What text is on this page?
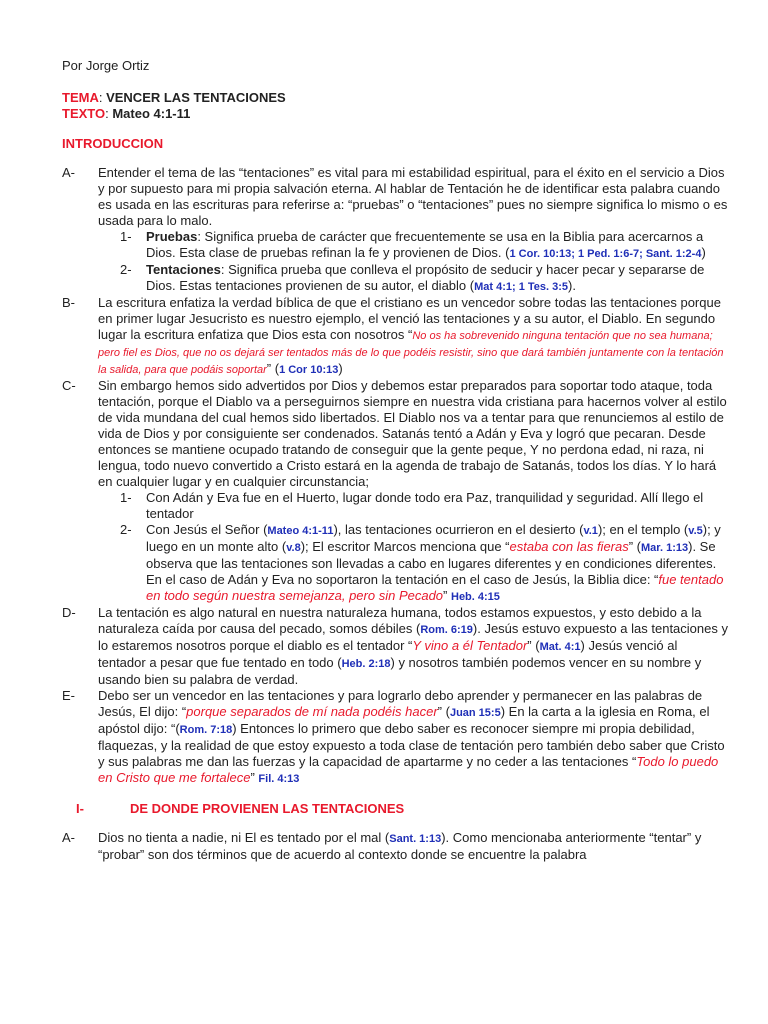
Por Jorge Ortiz
TEMA: VENCER LAS TENTACIONES
TEXTO: Mateo 4:1-11
INTRODUCCION
A-	Entender el tema de las “tentaciones” es vital para mi estabilidad espiritual, para el éxito en el servicio a Dios y por supuesto para mi propia salvación eterna. Al hablar de Tentación he de identificar esta palabra cuando es usada en las escrituras para referirse a: “pruebas” o “tentaciones” pues no siempre significa lo mismo o es usada para lo malo.
1-	Pruebas: Significa prueba de carácter que frecuentemente se usa en la Biblia para acercarnos a Dios. Esta clase de pruebas refinan la fe y provienen de Dios. (1 Cor. 10:13; 1 Ped. 1:6-7; Sant. 1:2-4)
2-	Tentaciones: Significa prueba que conlleva el propósito de seducir y hacer pecar y separarse de Dios. Estas tentaciones provienen de su autor, el diablo (Mat 4:1; 1 Tes. 3:5).
B-	La escritura enfatiza la verdad bíblica de que el cristiano es un vencedor sobre todas las tentaciones porque en primer lugar Jesucristo es nuestro ejemplo, el venció las tentaciones y a su autor, el Diablo. En segundo lugar la escritura enfatiza que Dios esta con nosotros “No os ha sobrevenido ninguna tentación que no sea humana; pero fiel es Dios, que no os dejará ser tentados más de lo que podéis resistir, sino que dará también juntamente con la tentación la salida, para que podáis soportar” (1 Cor 10:13)
C-	Sin embargo hemos sido advertidos por Dios y debemos estar preparados para soportar todo ataque, toda tentación, porque el Diablo va a perseguirnos siempre en nuestra vida cristiana para hacernos volver al estilo de vida mundana del cual hemos sido libertados. El Diablo nos va a tentar para que renunciemos al estilo de vida de Dios y por consiguiente ser condenados. Satanás tentó a Adán y Eva y logró que pecaran. Desde entonces se mantiene ocupado tratando de conseguir que la gente peque, Y no perdona edad, ni raza, ni lengua, todo nuevo convertido a Cristo estará en la agenda de trabajo de Satanás, todos los días. Y lo hará en cualquier lugar y en cualquier circunstancia;
1-	Con Adán y Eva fue en el Huerto, lugar donde todo era Paz, tranquilidad y seguridad. Allí llego el tentador
2-	Con Jesús el Señor (Mateo 4:1-11), las tentaciones ocurrieron en el desierto (v.1); en el templo (v.5); y luego en un monte alto (v.8); El escritor Marcos menciona que “estaba con las fieras” (Mar. 1:13). Se observa que las tentaciones son llevadas a cabo en lugares diferentes y en condiciones diferentes. En el caso de Adán y Eva no soportaron la tentación en el caso de Jesús, la Biblia dice: “fue tentado en todo según nuestra semejanza, pero sin Pecado” Heb. 4:15
D-	La tentación es algo natural en nuestra naturaleza humana, todos estamos expuestos, y esto debido a la naturaleza caída por causa del pecado, somos débiles (Rom. 6:19). Jesús estuvo expuesto a las tentaciones y lo estaremos nosotros porque el diablo es el tentador “Y vino a él Tentador” (Mat. 4:1) Jesús venció al tentador a pesar que fue tentado en todo (Heb. 2:18) y nosotros también podemos vencer en su nombre y usando bien su palabra de verdad.
E-	Debo ser un vencedor en las tentaciones y para lograrlo debo aprender y permanecer en las palabras de Jesús, El dijo: “porque separados de mí nada podéis hacer” (Juan 15:5) En la carta a la iglesia en Roma, el apóstol dijo: “(Rom. 7:18) Entonces lo primero que debo saber es reconocer siempre mi propia debilidad, flaquezas, y la realidad de que estoy expuesto a toda clase de tentación pero también debo saber que Cristo y sus palabras me dan las fuerzas y la capacidad de apartarme y no ceder a las tentaciones “Todo lo puedo en Cristo que me fortalece” Fil. 4:13
I-	DE DONDE PROVIENEN LAS TENTACIONES
A-	Dios no tienta a nadie, ni El es tentado por el mal (Sant. 1:13). Como mencionaba anteriormente “tentar” y “probar” son dos términos que de acuerdo al contexto donde se encuentre la palabra
